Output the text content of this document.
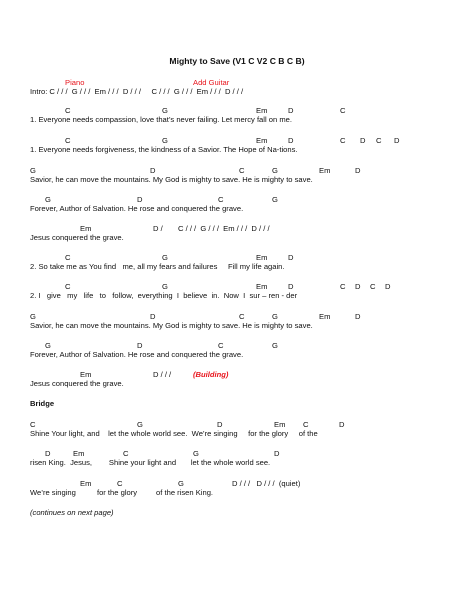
Mighty to Save (V1 C V2 C B C B)
Piano	Add Guitar
Intro: C / / /  G / / /  Em / / /  D / / /     C / / /  G / / /  Em / / /  D / / /
C	G	Em	D	C
1. Everyone needs compassion, love that’s never failing. Let mercy fall on me.
C	G	Em	D	C D C D
1. Everyone needs forgiveness, the kindness of a Savior. The Hope of Na-tions.
G	D	C	G	Em	D
Savior, he can move the mountains. My God is mighty to save. He is mighty to save.
G	D	C	G
Forever, Author of Salvation. He rose and conquered the grave.
Em	D / C / / /  G / / /  Em / / /  D / / /
Jesus conquered the grave.
C	G	Em	D
2. So take me as You find   me, all my fears and failures     Fill my life again.
C	G	Em	D	C D C D
2. I   give   my   life   to   follow,  everything  I  believe  in.  Now  I  sur – ren - der
G	D	C	G	Em	D
Savior, he can move the mountains. My God is mighty to save. He is mighty to save.
G	D	C	G
Forever, Author of Salvation. He rose and conquered the grave.
Em	D / / /	(Building)
Jesus conquered the grave.
Bridge
C	G	D	Em C	D
Shine Your light, and    let the whole world see.  We’re singing     for the glory     of the
D	Em	C	G	D
risen King.  Jesus,        Shine your light and       let the whole world see.
Em	C	G	D / / /   D / / /  (quiet)
We’re singing          for the glory         of the risen King.
(continues on next page)
